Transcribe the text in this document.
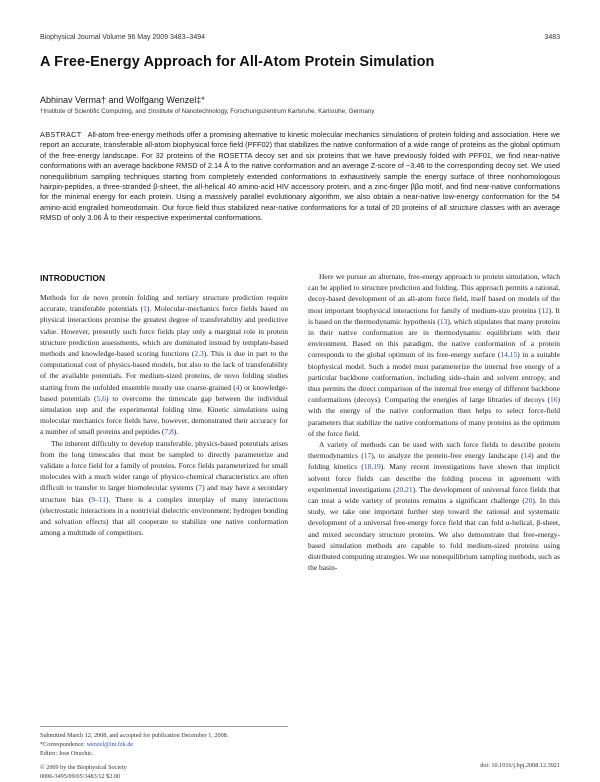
Biophysical Journal Volume 96 May 2009 3483–3494	3483
A Free-Energy Approach for All-Atom Protein Simulation
Abhinav Verma† and Wolfgang Wenzel‡*
†Institute of Scientific Computing, and ‡Institute of Nanotechnology, Forschungszentrum Karlsruhe, Karlsruhe, Germany

ABSTRACT All-atom free-energy methods offer a promising alternative to kinetic molecular mechanics simulations of protein folding and association. Here we report an accurate, transferable all-atom biophysical force field (PFF02) that stabilizes the native conformation of a wide range of proteins as the global optimum of the free-energy landscape. For 32 proteins of the ROSETTA decoy set and six proteins that we have previously folded with PFF01, we find near-native conformations with an average backbone RMSD of 2.14 Å to the native conformation and an average Z-score of −3.46 to the corresponding decoy set. We used nonequilibrium sampling techniques starting from completely extended conformations to exhaustively sample the energy surface of three nonhomologous hairpin-peptides, a three-stranded β-sheet, the all-helical 40 amino-acid HIV accessory protein, and a zinc-finger ββα motif, and find near-native conformations for the minimal energy for each protein. Using a massively parallel evolutionary algorithm, we also obtain a near-native low-energy conformation for the 54 amino-acid engrailed homeodomain. Our force field thus stabilized near-native conformations for a total of 20 proteins of all structure classes with an average RMSD of only 3.06 Å to their respective experimental conformations.

INTRODUCTION

Methods for de novo protein folding and tertiary structure prediction require accurate, transferable potentials (1). Molecular-mechanics force fields based on physical interactions promise the greatest degree of transferability and predictive value. However, presently such force fields play only a marginal role in protein structure prediction assessments, which are dominated instead by template-based methods and knowledge-based scoring functions (2,3). This is due in part to the computational cost of physics-based models, but also to the lack of transferability of the available potentials. For medium-sized proteins, de novo folding studies starting from the unfolded ensemble mostly use coarse-grained (4) or knowledge-based potentials (5,6) to overcome the timescale gap between the individual simulation step and the experimental folding time. Kinetic simulations using molecular mechanics force fields have, however, demonstrated their accuracy for a number of small proteins and peptides (7,8).

The inherent difficulty to develop transferable, physics-based potentials arises from the long timescales that must be sampled to directly parameterize and validate a force field for a family of proteins. Force fields parameterized for small molecules with a much wider range of physico-chemical characteristics are often difficult to transfer to larger biomolecular systems (7) and may have a secondary structure bias (9–11). There is a complex interplay of many interactions (electrostatic interactions in a nontrivial dielectric environment; hydrogen bonding and solvation effects) that all cooperate to stabilize one native conformation among a multitude of competitors.

Here we pursue an alternate, free-energy approach to protein simulation, which can be applied to structure prediction and folding. This approach permits a rational, decoy-based development of an all-atom force field, itself based on models of the most important biophysical interactions for family of medium-size proteins (12). It is based on the thermodynamic hypothesis (13), which stipulates that many proteins in their native conformation are in thermodynamic equilibrium with their environment. Based on this paradigm, the native conformation of a protein corresponds to the global optimum of its free-energy surface (14,15) in a suitable biophysical model. Such a model must parameterize the internal free energy of a particular backbone conformation, including side-chain and solvent entropy, and thus permits the direct comparison of the internal free energy of different backbone conformations (decoys). Comparing the energies of large libraries of decoys (16) with the energy of the native conformation then helps to select force-field parameters that stabilize the native conformations of many proteins as the optimum of the force field.

A variety of methods can be used with such force fields to describe protein thermodynamics (17), to analyze the protein-free energy landscape (14) and the folding kinetics (18,19). Many recent investigations have shown that implicit solvent force fields can describe the folding process in agreement with experimental investigations (20,21). The development of universal force fields that can treat a wide variety of proteins remains a significant challenge (20). In this study, we take one important further step toward the rational and systematic development of a universal free-energy force field that can fold α-helical, β-sheet, and mixed secondary structure proteins. We also demonstrate that free-energy-based simulation methods are capable to fold medium-sized proteins using distributed computing strategies. We use nonequilibrium sampling methods, such as the basin-

Submitted March 12, 2008, and accepted for publication December 1, 2008.
*Correspondence: wenzel@int.fzk.de
Editor: Jose Onuchic.
© 2009 by the Biophysical Society
0006-3495/09/05/3483/12 $2.00
doi: 10.1016/j.bpj.2008.12.3921
